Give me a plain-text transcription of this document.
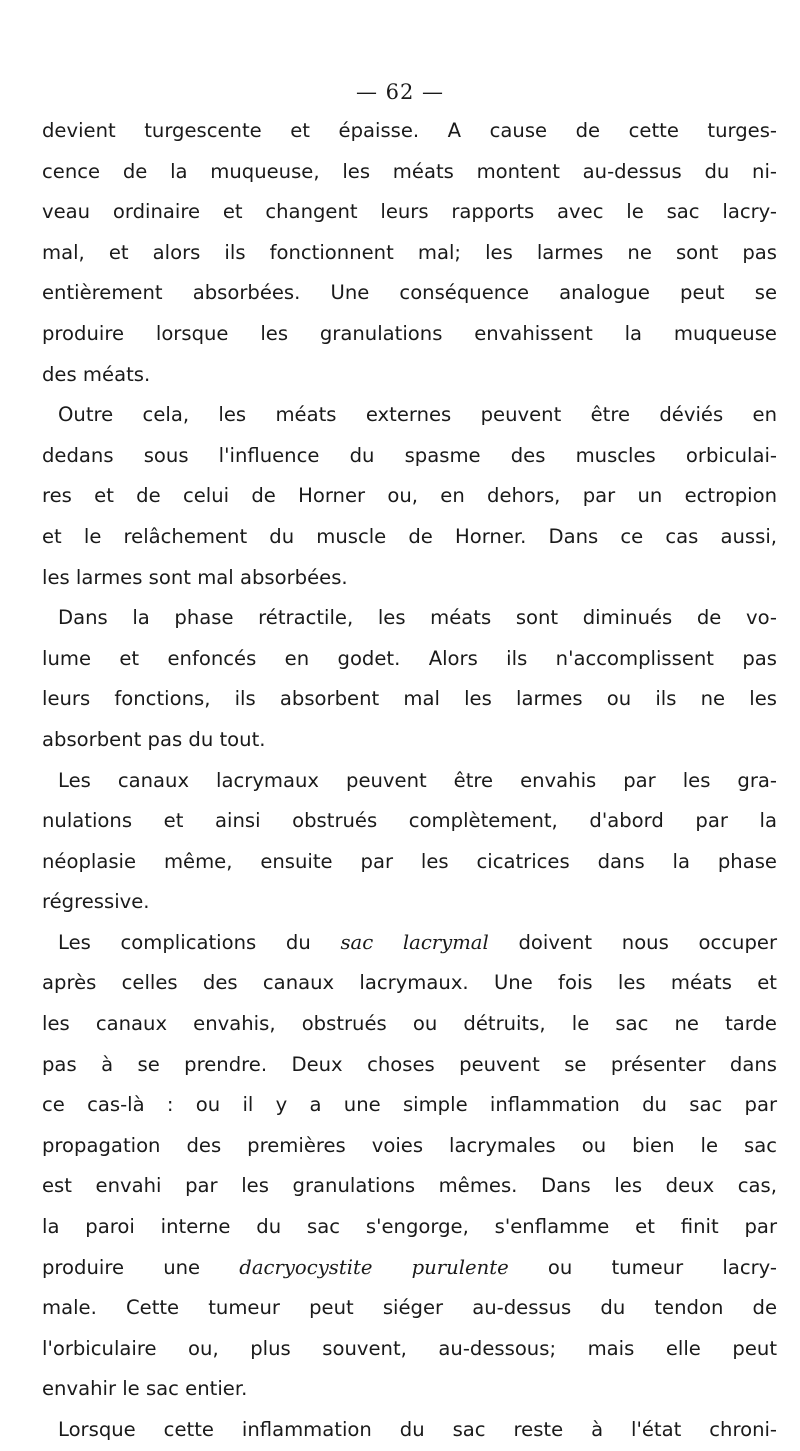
— 62 —
devient turgescente et épaisse. A cause de cette turges-
cence de la muqueuse, les méats montent au-dessus du ni-
veau ordinaire et changent leurs rapports avec le sac lacry-
mal, et alors ils fonctionnent mal; les larmes ne sont pas
entièrement absorbées. Une conséquence analogue peut se
produire lorsque les granulations envahissent la muqueuse
des méats.
Outre cela, les méats externes peuvent être déviés en
dedans sous l'influence du spasme des muscles orbiculai-
res et de celui de Horner ou, en dehors, par un ectropion
et le relâchement du muscle de Horner. Dans ce cas aussi,
les larmes sont mal absorbées.
Dans la phase rétractile, les méats sont diminués de vo-
lume et enfoncés en godet. Alors ils n'accomplissent pas
leurs fonctions, ils absorbent mal les larmes ou ils ne les
absorbent pas du tout.
Les canaux lacrymaux peuvent être envahis par les gra-
nulations et ainsi obstrués complètement, d'abord par la
néoplasie même, ensuite par les cicatrices dans la phase
régressive.
Les complications du sac lacrymal doivent nous occuper
après celles des canaux lacrymaux. Une fois les méats et
les canaux envahis, obstrués ou détruits, le sac ne tarde
pas à se prendre. Deux choses peuvent se présenter dans
ce cas-là : ou il y a une simple inflammation du sac par
propagation des premières voies lacrymales ou bien le sac
est envahi par les granulations mêmes. Dans les deux cas,
la paroi interne du sac s'engorge, s'enflamme et finit par
produire une dacryocystite purulente ou tumeur lacry-
male. Cette tumeur peut siéger au-dessus du tendon de
l'orbiculaire ou, plus souvent, au-dessous; mais elle peut
envahir le sac entier.
Lorsque cette inflammation du sac reste à l'état chroni-
